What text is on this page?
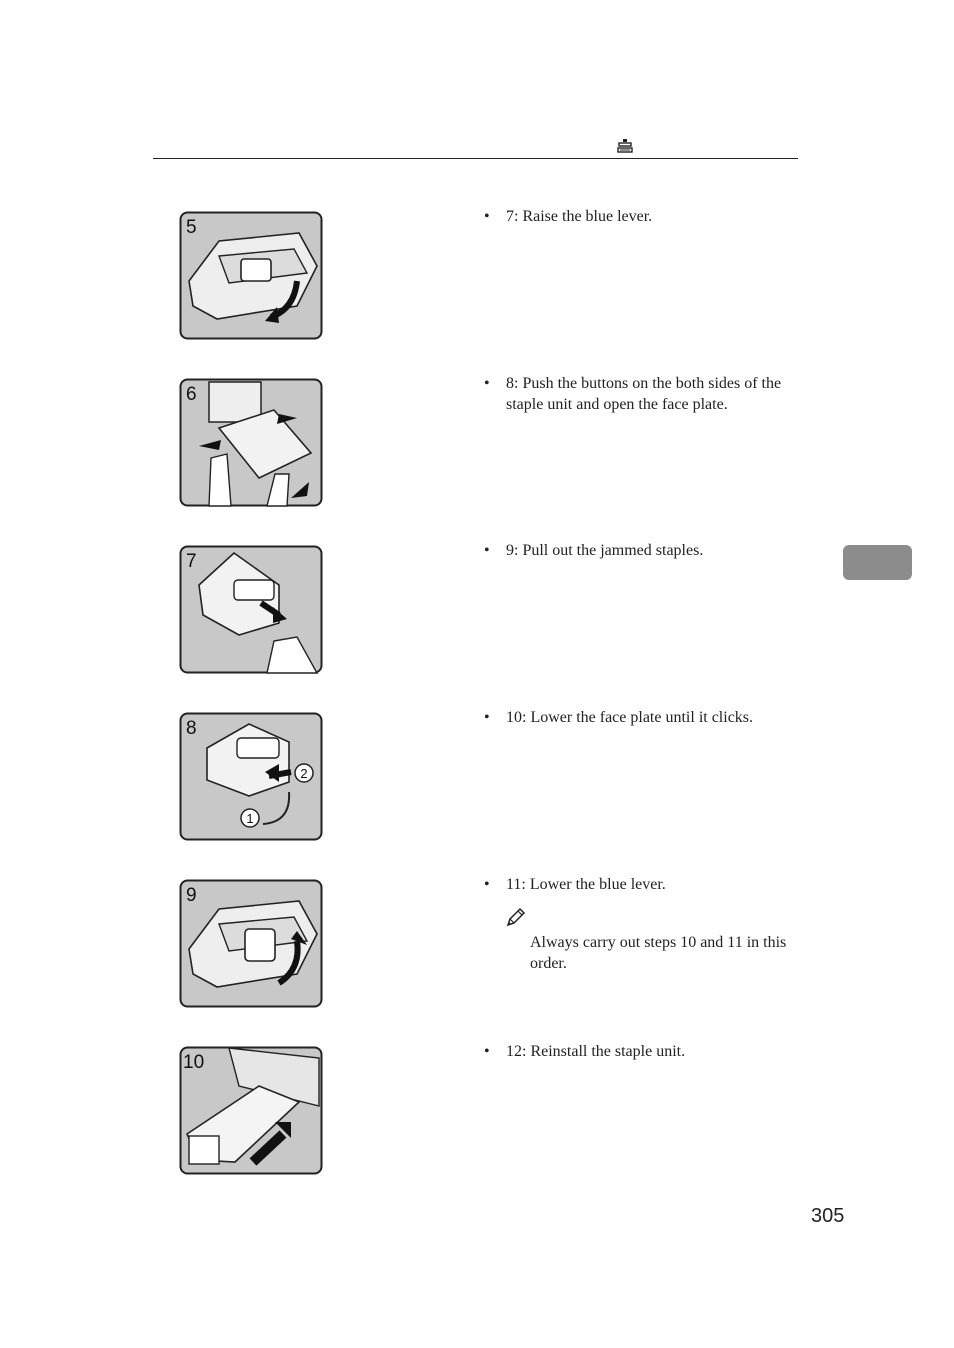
5
6
7
8
2
1
9
10
• 7: Raise the blue lever.
• 8: Push the buttons on the both sides of the staple unit and open the face plate.
• 9: Pull out the jammed staples.
• 10: Lower the face plate until it clicks.
• 11: Lower the blue lever.
Always carry out steps 10 and 11 in this order.
• 12: Reinstall the staple unit.
305
